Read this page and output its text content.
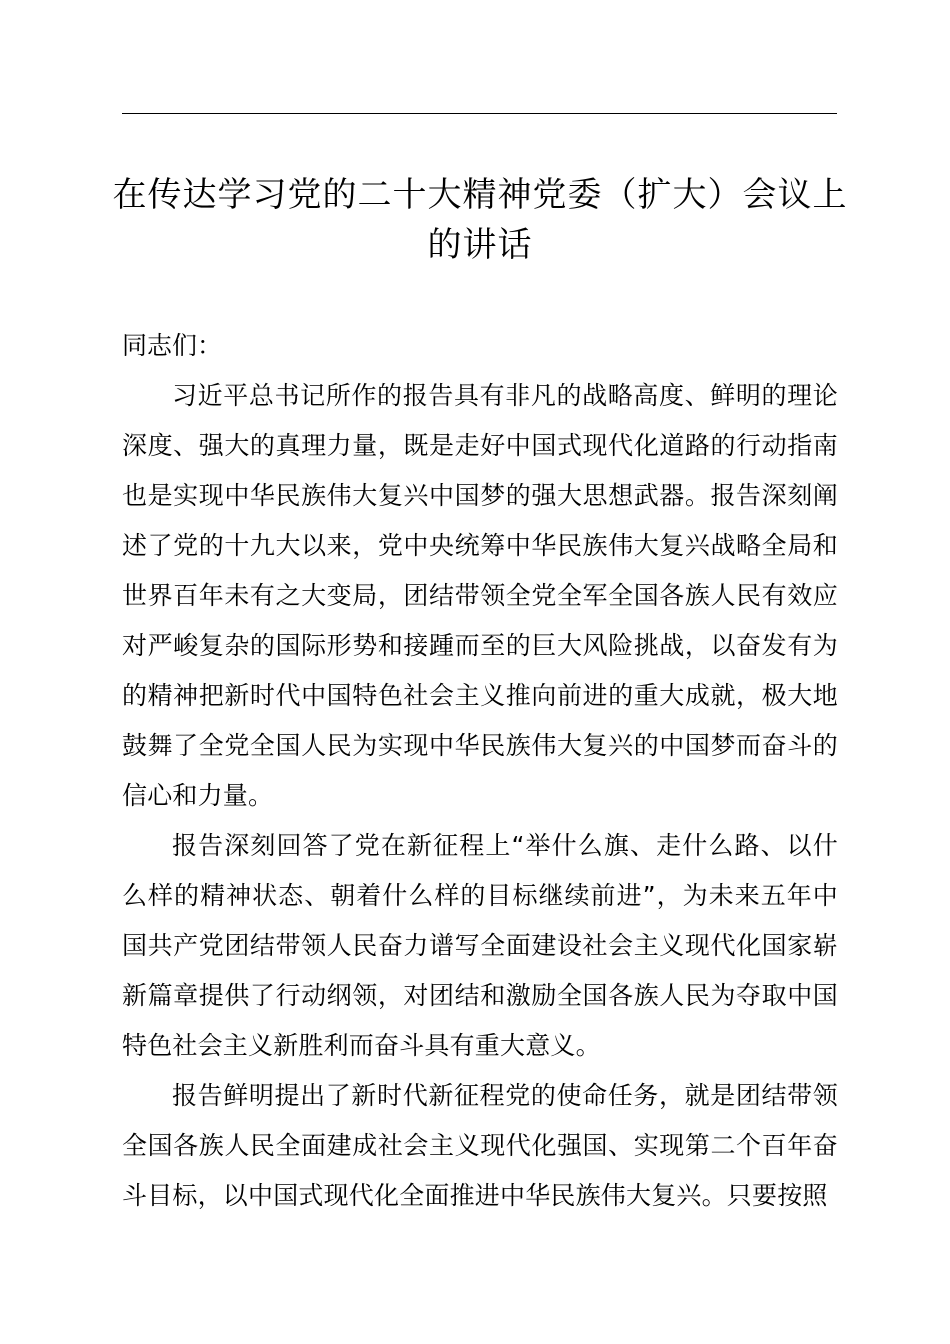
在传达学习党的二十大精神党委（扩大）会议上的讲话

同志们：

习近平总书记所作的报告具有非凡的战略高度、鲜明的理论深度、强大的真理力量，既是走好中国式现代化道路的行动指南也是实现中华民族伟大复兴中国梦的强大思想武器。报告深刻阐述了党的十九大以来，党中央统筹中华民族伟大复兴战略全局和世界百年未有之大变局，团结带领全党全军全国各族人民有效应对严峻复杂的国际形势和接踵而至的巨大风险挑战，以奋发有为的精神把新时代中国特色社会主义推向前进的重大成就，极大地鼓舞了全党全国人民为实现中华民族伟大复兴的中国梦而奋斗的信心和力量。

报告深刻回答了党在新征程上“举什么旗、走什么路、以什么样的精神状态、朝着什么样的目标继续前进”，为未来五年中国共产党团结带领人民奋力谱写全面建设社会主义现代化国家崭新篇章提供了行动纲领，对团结和激励全国各族人民为夺取中国特色社会主义新胜利而奋斗具有重大意义。

报告鲜明提出了新时代新征程党的使命任务，就是团结带领全国各族人民全面建成社会主义现代化强国、实现第二个百年奋斗目标，以中国式现代化全面推进中华民族伟大复兴。只要按照
